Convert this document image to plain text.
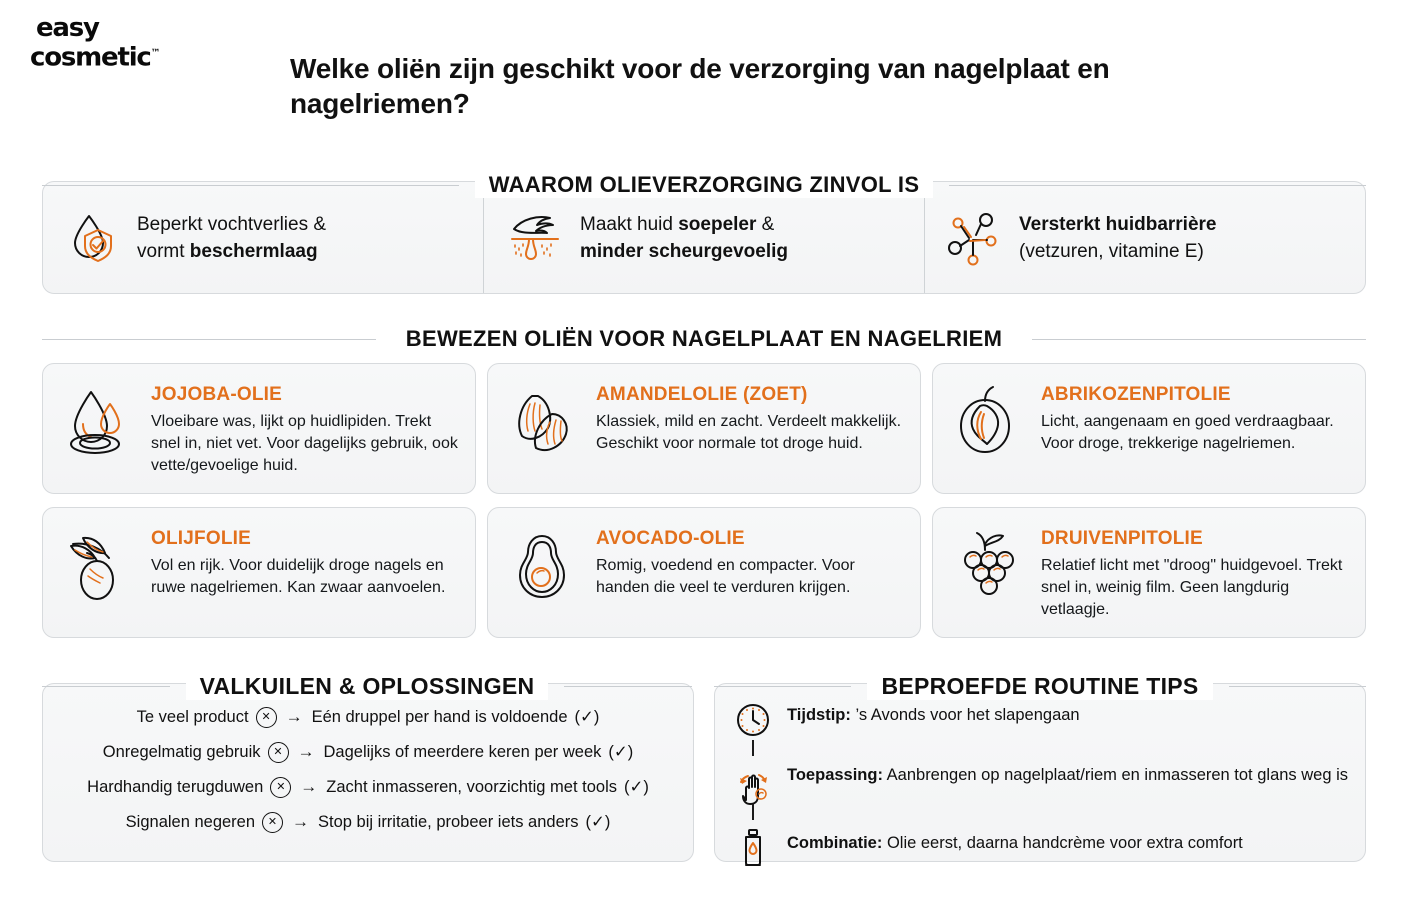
easy
cosmetic™	Welke oliën zijn geschikt voor de verzorging van nagelplaat en nagelriemen?
WAAROM OLIEVERZORGING ZINVOL IS
Beperkt vochtverlies &
vormt beschermlaag
Maakt huid soepeler &
minder scheurgevoelig
Versterkt huidbarrière
(vetzuren, vitamine E)
BEWEZEN OLIËN VOOR NAGELPLAAT EN NAGELRIEM
JOJOBA-OLIE
Vloeibare was, lijkt op huidlipiden. Trekt snel in, niet vet. Voor dagelijks gebruik, ook vette/gevoelige huid.
AMANDELOLIE (ZOET)
Klassiek, mild en zacht. Verdeelt makkelijk. Geschikt voor normale tot droge huid.
ABRIKOZENPITOLIE
Licht, aangenaam en goed verdraagbaar. Voor droge, trekkerige nagelriemen.
OLIJFOLIE
Vol en rijk. Voor duidelijk droge nagels en ruwe nagelriemen. Kan zwaar aanvoelen.
AVOCADO-OLIE
Romig, voedend en compacter. Voor handen die veel te verduren krijgen.
DRUIVENPITOLIE
Relatief licht met "droog" huidgevoel. Trekt snel in, weinig film. Geen langdurig vetlaagje.
VALKUILEN & OPLOSSINGEN
Te veel product	✕ → Eén druppel per hand is voldoende (✓)
Onregelmatig gebruik	✕ → Dagelijks of meerdere keren per week (✓)
Hardhandig terugduwen	✕ → Zacht inmasseren, voorzichtig met tools (✓)
Signalen negeren	✕ → Stop bij irritatie, probeer iets anders (✓)
BEPROEFDE ROUTINE TIPS
Tijdstip: ’s Avonds voor het slapengaan
Toepassing: Aanbrengen op nagelplaat/riem en inmasseren tot glans weg is
Combinatie: Olie eerst, daarna handcrème voor extra comfort
